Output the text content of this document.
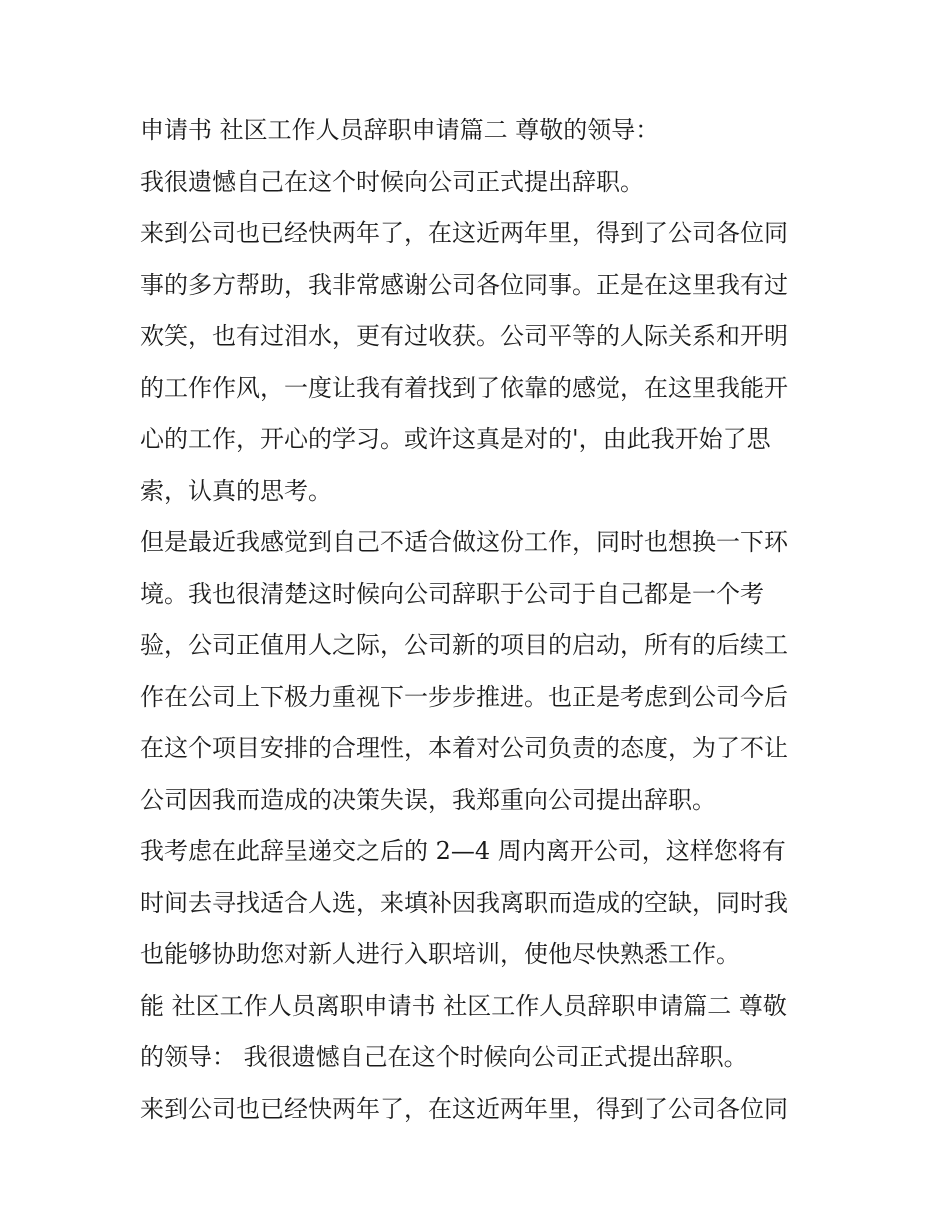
申请书 社区工作人员辞职申请篇二 尊敬的领导：
我很遗憾自己在这个时候向公司正式提出辞职。
来到公司也已经快两年了，在这近两年里，得到了公司各位同
事的多方帮助，我非常感谢公司各位同事。正是在这里我有过
欢笑，也有过泪水，更有过收获。公司平等的人际关系和开明
的工作作风，一度让我有着找到了依靠的感觉，在这里我能开
心的工作，开心的学习。或许这真是对的'，由此我开始了思
索，认真的思考。
但是最近我感觉到自己不适合做这份工作，同时也想换一下环
境。我也很清楚这时候向公司辞职于公司于自己都是一个考
验，公司正值用人之际，公司新的项目的启动，所有的后续工
作在公司上下极力重视下一步步推进。也正是考虑到公司今后
在这个项目安排的合理性，本着对公司负责的态度，为了不让
公司因我而造成的决策失误，我郑重向公司提出辞职。
我考虑在此辞呈递交之后的 2—4 周内离开公司，这样您将有
时间去寻找适合人选，来填补因我离职而造成的空缺，同时我
也能够协助您对新人进行入职培训，使他尽快熟悉工作。
能 社区工作人员离职申请书 社区工作人员辞职申请篇二 尊敬
的领导： 我很遗憾自己在这个时候向公司正式提出辞职。
来到公司也已经快两年了，在这近两年里，得到了公司各位同
